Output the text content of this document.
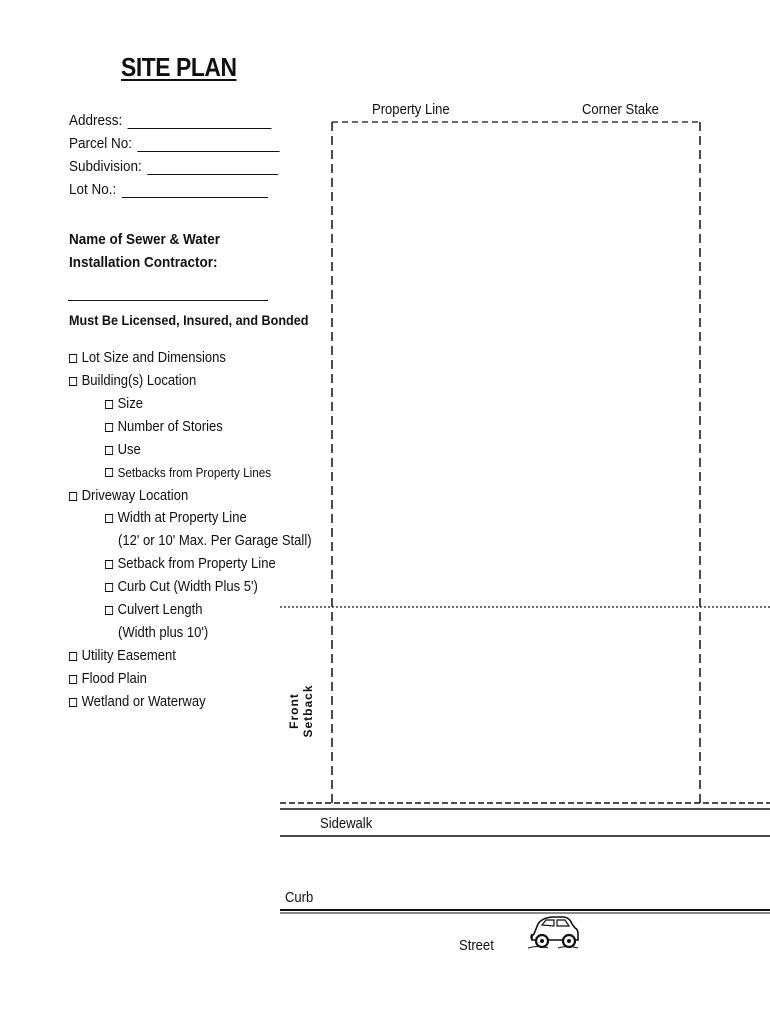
SITE PLAN
Address:
Parcel No:
Subdivision:
Lot No.:
Name of Sewer & Water
Installation Contractor:
Must Be Licensed, Insured, and Bonded
Lot Size and Dimensions
Building(s) Location
Size
Number of Stories
Use
Setbacks from Property Lines
Driveway Location
Width at Property Line
(12' or 10' Max. Per Garage Stall)
Setback from Property Line
Curb Cut (Width Plus 5')
Culvert Length
(Width plus 10')
Utility Easement
Flood Plain
Wetland or Waterway
Property Line	Corner Stake
Front Setback
Sidewalk
Curb
Street
